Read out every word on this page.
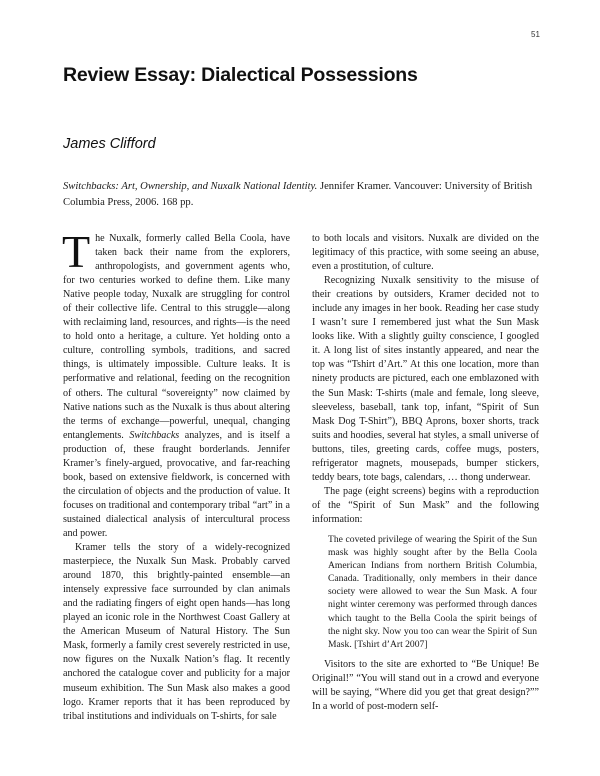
51
Review Essay: Dialectical Possessions
James Clifford
Switchbacks: Art, Ownership, and Nuxalk National Identity. Jennifer Kramer. Vancouver: University of British Columbia Press, 2006. 168 pp.

The Nuxalk, formerly called Bella Coola, have taken back their name from the explorers, anthropologists, and government agents who, for two centuries worked to define them. Like many Native people today, Nuxalk are struggling for control of their collective life. Central to this struggle—along with reclaiming land, resources, and rights—is the need to hold onto a heritage, a culture. Yet holding onto a culture, controlling symbols, traditions, and sacred things, is ultimately impossible. Culture leaks. It is performative and relational, feeding on the recognition of others. The cultural “sovereignty” now claimed by Native nations such as the Nuxalk is thus about altering the terms of exchange—powerful, unequal, changing entanglements. Switchbacks analyzes, and is itself a production of, these fraught borderlands. Jennifer Kramer’s finely-argued, provocative, and far-reaching book, based on extensive fieldwork, is concerned with the circulation of objects and the production of value. It focuses on traditional and contemporary tribal “art” in a sustained dialectical analysis of intercultural process and power.

Kramer tells the story of a widely-recognized masterpiece, the Nuxalk Sun Mask. Probably carved around 1870, this brightly-painted ensemble—an intensely expressive face surrounded by clan animals and the radiating fingers of eight open hands—has long played an iconic role in the Northwest Coast Gallery at the American Museum of Natural History. The Sun Mask, formerly a family crest severely restricted in use, now figures on the Nuxalk Nation’s flag. It recently anchored the catalogue cover and publicity for a major museum exhibition. The Sun Mask also makes a good logo. Kramer reports that it has been reproduced by tribal institutions and individuals on T-shirts, for sale

to both locals and visitors. Nuxalk are divided on the legitimacy of this practice, with some seeing an abuse, even a prostitution, of culture.

Recognizing Nuxalk sensitivity to the misuse of their creations by outsiders, Kramer decided not to include any images in her book. Reading her case study I wasn’t sure I remembered just what the Sun Mask looks like. With a slightly guilty conscience, I googled it. A long list of sites instantly appeared, and near the top was “Tshirt d’Art.” At this one location, more than ninety products are pictured, each one emblazoned with the Sun Mask: T-shirts (male and female, long sleeve, sleeveless, baseball, tank top, infant, “Spirit of Sun Mask Dog T-Shirt”), BBQ Aprons, boxer shorts, track suits and hoodies, several hat styles, a small universe of buttons, tiles, greeting cards, coffee mugs, posters, refrigerator magnets, mousepads, bumper stickers, teddy bears, tote bags, calendars, … thong underwear.

The page (eight screens) begins with a reproduction of the “Spirit of Sun Mask” and the following information:

The coveted privilege of wearing the Spirit of the Sun mask was highly sought after by the Bella Coola American Indians from northern British Columbia, Canada. Traditionally, only members in their dance society were allowed to wear the Sun Mask. A four night winter ceremony was performed through dances which taught to the Bella Coola the spirit beings of the night sky. Now you too can wear the Spirit of Sun Mask. [Tshirt d’Art 2007]

Visitors to the site are exhorted to “Be Unique! Be Original!” “You will stand out in a crowd and everyone will be saying, “Where did you get that great design?”” In a world of post-modern self-
